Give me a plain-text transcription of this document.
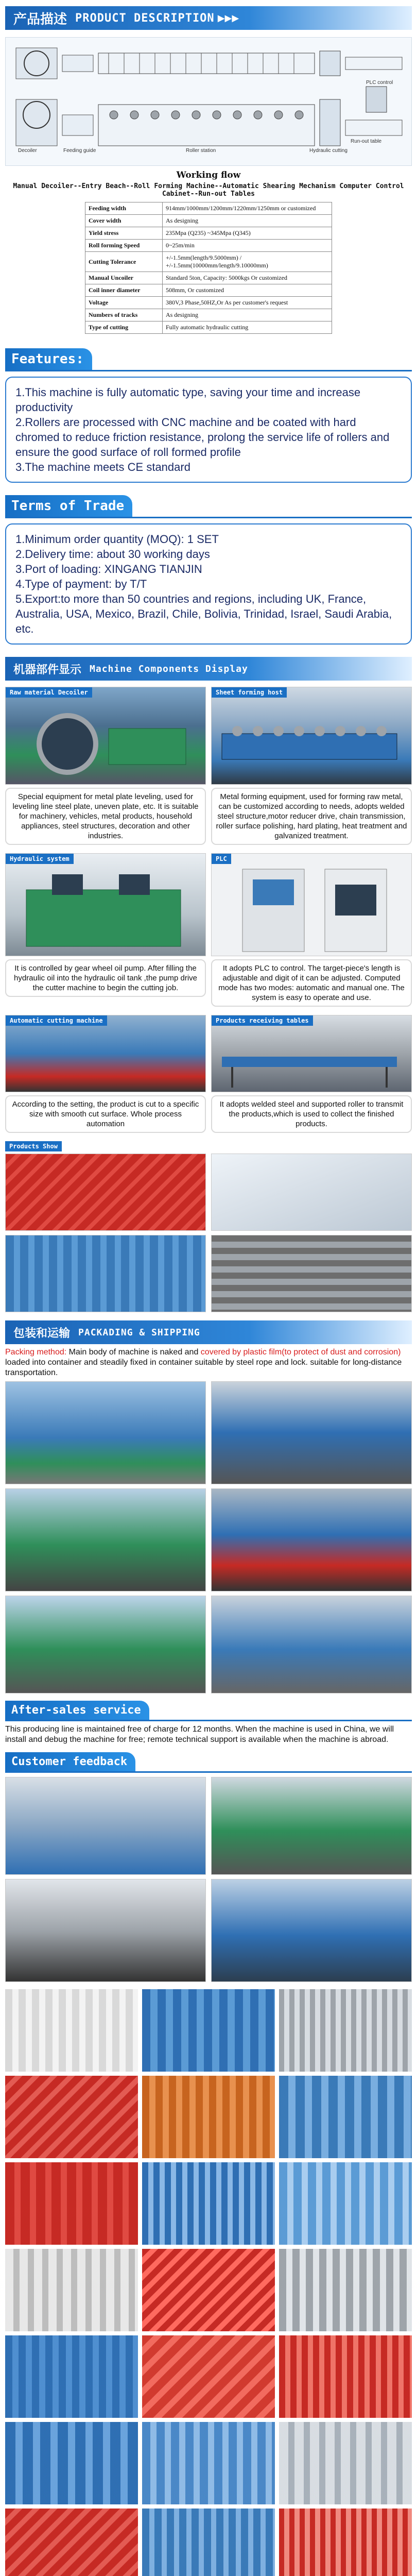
产品描述 PRODUCT DESCRIPTION ▶▶▶
Decoiler	Feeding guide	Roller station	Hydraulic cutting
Run-out table
PLC control
Working flow
Manual Decoiler--Entry Beach--Roll Forming Machine--Automatic Shearing Mechanism Computer Control Cabinet--Run-out Tables
Feeding width	914mm/1000mm/1200mm/1220mm/1250mm or customized
Cover width	As designing
Yield stress	235Mpa (Q235) ~345Mpa (Q345)
Roll forming Speed	0~25m/min
Cutting Tolerance	+/-1.5mm(length/9.5000mm) / +/-1.5mm(10000mm/length/9.10000mm)
Manual Uncoiler	Standard 5ton, Capacity: 5000kgs Or customized
Coil inner diameter	508mm, Or customized
Voltage	380V,3 Phase,50HZ,Or As per customer's request
Numbers of tracks	As designing
Type of cutting	Fully automatic hydraulic cutting
Features:

1.This machine is fully automatic type, saving your time and increase productivity

2.Rollers are processed with CNC machine and be coated with hard chromed to reduce friction resistance, prolong the service life of rollers and ensure the good surface of roll formed profile

3.The machine meets CE standard

Terms of Trade

1.Minimum order quantity (MOQ): 1 SET

2.Delivery time: about 30 working days

3.Port of loading: XINGANG TIANJIN

4.Type of payment: by T/T

5.Export:to more than 50 countries and regions, including UK, France, Australia, USA, Mexico, Brazil, Chile, Bolivia, Trinidad, Israel, Saudi Arabia, etc.

机器部件显示 Machine Components Display
Raw material Decoiler
Special equipment for metal plate leveling, used for leveling line steel plate, uneven plate, etc. It is suitable for machinery, vehicles, metal products, household appliances, steel structures, decoration and other industries.
Sheet forming host
Metal forming equipment, used for forming raw metal, can be customized according to needs, adopts welded steel structure,motor reducer drive, chain transmission, roller surface polishing, hard plating, heat treatment and galvanized treatment.
Hydraulic system
It is controlled by gear wheel oil pump. After filling the hydraulic oil into the hydraulic oil tank ,the pump drive the cutter machine to begin the cutting job.
PLC
It adopts PLC to control. The target-piece's length is adjustable and digit of it can be adjusted. Computed mode has two modes: automatic and manual one. The system is easy to operate and use.
Automatic cutting machine
According to the setting, the product is cut to a specific size with smooth cut surface. Whole process automation
Products receiving tables
It adopts welded steel and supported roller to transmit the products,which is used to collect the finished products.
Products Show
包装和运输 PACKADING & SHIPPING
Packing method: Main body of machine is naked and covered by plastic film(to protect of dust and corrosion) loaded into container and steadily fixed in container suitable by steel rope and lock. suitable for long-distance transportation.
After-sales service
This producing line is maintained free of charge for 12 months. When the machine is used in China, we will install and debug the machine for free; remote technical support is available when the machine is abroad.
Customer feedback
